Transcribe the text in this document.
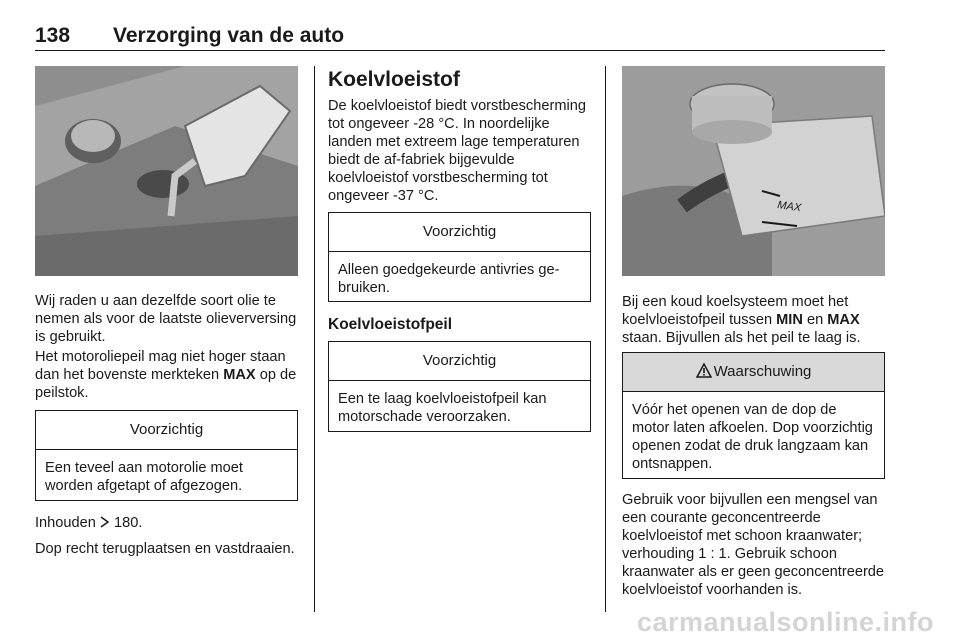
138 Verzorging van de auto

Wij raden u aan dezelfde soort olie te nemen als voor de laatste olieverversing is gebruikt.

Het motoroliepeil mag niet hoger staan dan het bovenste merkteken MAX op de peilstok.

Voorzichtig
Een teveel aan motorolie moet worden afgetapt of afgezogen.

Inhouden  180.

Dop recht terugplaatsen en vastdraaien.

Koelvloeistof

De koelvloeistof biedt vorstbescherming tot ongeveer -28 °C. In noordelijke landen met extreem lage temperaturen biedt de af-fabriek bijgevulde koelvloeistof vorstbescherming tot ongeveer -37 °C.

Voorzichtig
Alleen goedgekeurde antivries gebruiken.
Koelvloeistofpeil
Voorzichtig
Een te laag koelvloeistofpeil kan motorschade veroorzaken.
MAX

Bij een koud koelsysteem moet het koelvloeistofpeil tussen MIN en MAX staan. Bijvullen als het peil te laag is.

Waarschuwing
Vóór het openen van de dop de motor laten afkoelen. Dop voorzichtig openen zodat de druk langzaam kan ontsnappen.

Gebruik voor bijvullen een mengsel van een courante geconcentreerde koelvloeistof met schoon kraanwater; verhouding 1 : 1. Gebruik schoon kraanwater als er geen geconcentreerde koelvloeistof voorhanden is.

carmanualsonline.info
